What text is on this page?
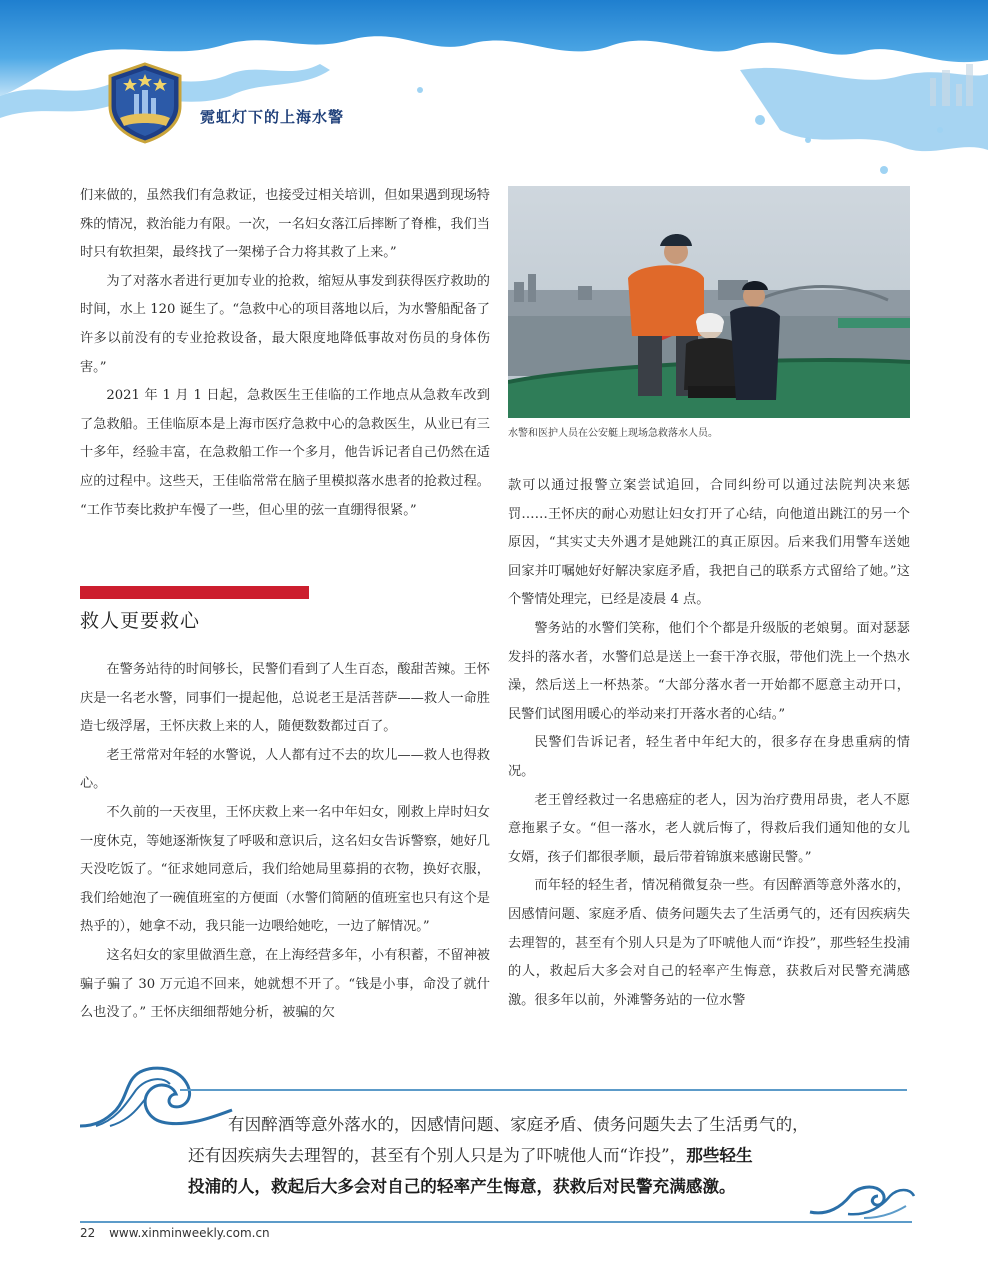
霓虹灯下的上海水警

们来做的，虽然我们有急救证，也接受过相关培训，但如果遇到现场特殊的情况，救治能力有限。一次，一名妇女落江后摔断了脊椎，我们当时只有软担架，最终找了一架梯子合力将其救了上来。”

为了对落水者进行更加专业的抢救，缩短从事发到获得医疗救助的时间，水上 120 诞生了。“急救中心的项目落地以后，为水警船配备了许多以前没有的专业抢救设备，最大限度地降低事故对伤员的身体伤害。”

2021 年 1 月 1 日起，急救医生王佳临的工作地点从急救车改到了急救船。王佳临原本是上海市医疗急救中心的急救医生，从业已有三十多年，经验丰富，在急救船工作一个多月，他告诉记者自己仍然在适应的过程中。这些天，王佳临常常在脑子里模拟落水患者的抢救过程。 “工作节奏比救护车慢了一些，但心里的弦一直绷得很紧。”

救人更要救心

在警务站待的时间够长，民警们看到了人生百态，酸甜苦辣。王怀庆是一名老水警，同事们一提起他，总说老王是活菩萨——救人一命胜造七级浮屠，王怀庆救上来的人，随便数数都过百了。

老王常常对年轻的水警说，人人都有过不去的坎儿——救人也得救心。

不久前的一天夜里，王怀庆救上来一名中年妇女，刚救上岸时妇女一度休克，等她逐渐恢复了呼吸和意识后，这名妇女告诉警察，她好几天没吃饭了。“征求她同意后，我们给她局里募捐的衣物，换好衣服，我们给她泡了一碗值班室的方便面（水警们简陋的值班室也只有这个是热乎的），她拿不动，我只能一边喂给她吃，一边了解情况。”

这名妇女的家里做酒生意，在上海经营多年，小有积蓄，不留神被骗子骗了 30 万元追不回来，她就想不开了。“钱是小事，命没了就什么也没了。” 王怀庆细细帮她分析，被骗的欠

水警和医护人员在公安艇上现场急救落水人员。

款可以通过报警立案尝试追回，合同纠纷可以通过法院判决来惩罚……王怀庆的耐心劝慰让妇女打开了心结，向他道出跳江的另一个原因，“其实丈夫外遇才是她跳江的真正原因。后来我们用警车送她回家并叮嘱她好好解决家庭矛盾，我把自己的联系方式留给了她。”这个警情处理完，已经是凌晨 4 点。

警务站的水警们笑称，他们个个都是升级版的老娘舅。面对瑟瑟发抖的落水者，水警们总是送上一套干净衣服，带他们洗上一个热水澡，然后送上一杯热茶。“大部分落水者一开始都不愿意主动开口，民警们试图用暖心的举动来打开落水者的心结。”

民警们告诉记者，轻生者中年纪大的，很多存在身患重病的情况。

老王曾经救过一名患癌症的老人，因为治疗费用昂贵，老人不愿意拖累子女。“但一落水，老人就后悔了，得救后我们通知他的女儿女婿，孩子们都很孝顺，最后带着锦旗来感谢民警。”

而年轻的轻生者，情况稍微复杂一些。有因醉酒等意外落水的，因感情问题、家庭矛盾、债务问题失去了生活勇气的，还有因疾病失去理智的，甚至有个别人只是为了吓唬他人而“诈投”，那些轻生投浦的人，救起后大多会对自己的轻率产生悔意，获救后对民警充满感激。很多年以前，外滩警务站的一位水警

有因醉酒等意外落水的，因感情问题、家庭矛盾、债务问题失去了生活勇气的，
还有因疾病失去理智的，甚至有个别人只是为了吓唬他人而“诈投”，那些轻生
投浦的人，救起后大多会对自己的轻率产生悔意，获救后对民警充满感激。
22 www.xinminweekly.com.cn
